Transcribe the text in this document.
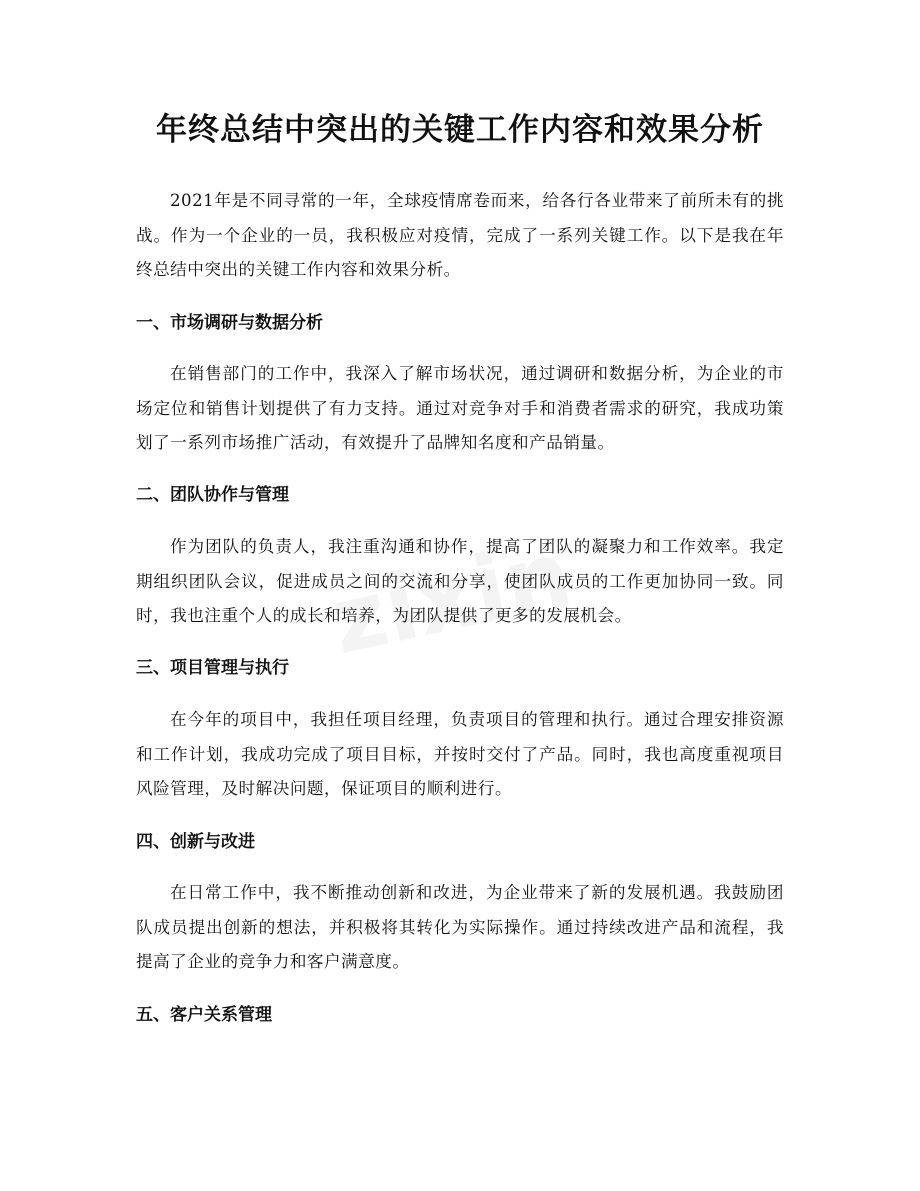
年终总结中突出的关键工作内容和效果分析

2021年是不同寻常的一年，全球疫情席卷而来，给各行各业带来了前所未有的挑战。作为一个企业的一员，我积极应对疫情，完成了一系列关键工作。以下是我在年终总结中突出的关键工作内容和效果分析。

一、市场调研与数据分析

在销售部门的工作中，我深入了解市场状况，通过调研和数据分析，为企业的市场定位和销售计划提供了有力支持。通过对竞争对手和消费者需求的研究，我成功策划了一系列市场推广活动，有效提升了品牌知名度和产品销量。

二、团队协作与管理

作为团队的负责人，我注重沟通和协作，提高了团队的凝聚力和工作效率。我定期组织团队会议，促进成员之间的交流和分享，使团队成员的工作更加协同一致。同时，我也注重个人的成长和培养，为团队提供了更多的发展机会。

三、项目管理与执行

在今年的项目中，我担任项目经理，负责项目的管理和执行。通过合理安排资源和工作计划，我成功完成了项目目标，并按时交付了产品。同时，我也高度重视项目风险管理，及时解决问题，保证项目的顺利进行。

四、创新与改进

在日常工作中，我不断推动创新和改进，为企业带来了新的发展机遇。我鼓励团队成员提出创新的想法，并积极将其转化为实际操作。通过持续改进产品和流程，我提高了企业的竞争力和客户满意度。

五、客户关系管理
